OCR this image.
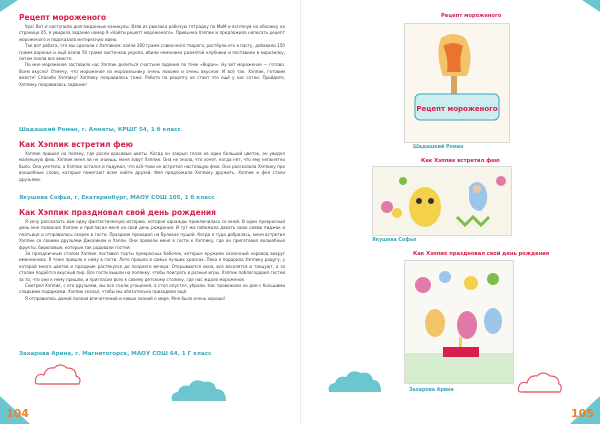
Рецепт мороженого

Ура! Вот и наступили долгожданные каникулы. Взяв из рюкзака рабочую тетрадку по МиМ и взглянув на обложку на странице 25, я увидела задание номер 9 «Найти рецепт мороженого». Привычка Хэппик и предложила написать рецепт мороженого и подсказала интересную идею.

Так вот рабата, что мы сделали с Хэппиком: взяли 300 грамм сливочного творога, растёрли его в пасту, добавили 150 грамм варенья и ещё взяли 50 грамм листочков укропа, вбили немножко размятой клубники и поставили в морозилку, потом поели все вместе.

По мне мороженое заставило нас Хэппик делиться счастьем задание по теме «Водан». Ну вот мороженое — готово. Всем вкусно! Отмечу, что мороженое из морозильнику очень похоже и очень вкусное. И всё так. Хэппик, готовим вместе! Спасибо Хэппику! Хэппику понравилось тоже. Работа по рецепту не стоит это ещё у нас сотни. Пройдите, Хэппику понравилась задание!

Шадашкий Роман, г. Алматы, КРШГ 54, 1 б класс
Как Хэппик встретил фею

Хэппик пришел на поляну, где росли красивые цветы. Когда он закрыл глаза на один большой цветок, он увидел маленькую фею. Хэппик меня ли не знаешь, меня зовут Хэппик. Она не знала, что хочет, когда нет, что ему непонятно было. Она улетела, а Хэппик остался и подумал, что всё-таки он встретил настоящую фею. Она рассказала Хэппику про волшебные слова, которые помогают всем найти друзей. Фея предложила Хэппику дружить. Хэппик и фея стали друзьями.

Якушева Софья, г. Екатеринбург, МАОУ СОШ 105, 1 б класс
Как Хэппик праздновал свой день рождения

Я хочу рассказать вам одну фантастическую историю, которая однажды приключилась со мной. В один прекрасный день мне позвонил Хэппик и пригласил меня на свой день рождения. И тут же побежала давать свою сиявю пиджак и платьице и отправилась скорее в гости. Праздник проходил на Вулкане пущей. Когда я туда добралась, меня встретил Хэппик со своими друзьями Джоликом и Уалли. Они провели меня в гости к Хэппику, где он приготовил волшебные фрукты, бирюзовые, которые так радовали гостей.

За праздничным столом Хэппик поставил торты прекрасных бабочек, которые кружили сказочный хоровод вокруг именинника. Я тоже пришла к нему в гости. Лето прошло в самых лучших красках. Пока я подарила Хэппику радугу, у которой много цветов и праздник растянулся до позднего вечера. Открываются окна, все веселятся и танцуют, а за столом подаётся вкусный пир. Все гости вышли на полянку, чтобы поиграть в разные игры. Хэппик поблагодарил гостей за то, что они к нему пришли, и пригласил всех к своему детскому столику, где нас ждало мороженое.

Смотрел Хэппик, с его друзьями, мы все съели угощения, а стол опустел, убрали. Нас провожали на дом с большими сладкими подарками. Хэппик сказал, чтобы мы обязательно приходили ещё.

Я отправилась домой полная впечатлений и новых знаний о мире. Мне было очень хорошо!

Захарова Арина, г. Магнитогорск, МАОУ СОШ 64, 1 Г класс
104
Рецепт мороженого
Рецепт мороженого
Шадашкий Роман
Как Хэппик встретил фею
Якушева Софья
Как Хэппик праздновал свой день рождения
Захарова Арина
105
